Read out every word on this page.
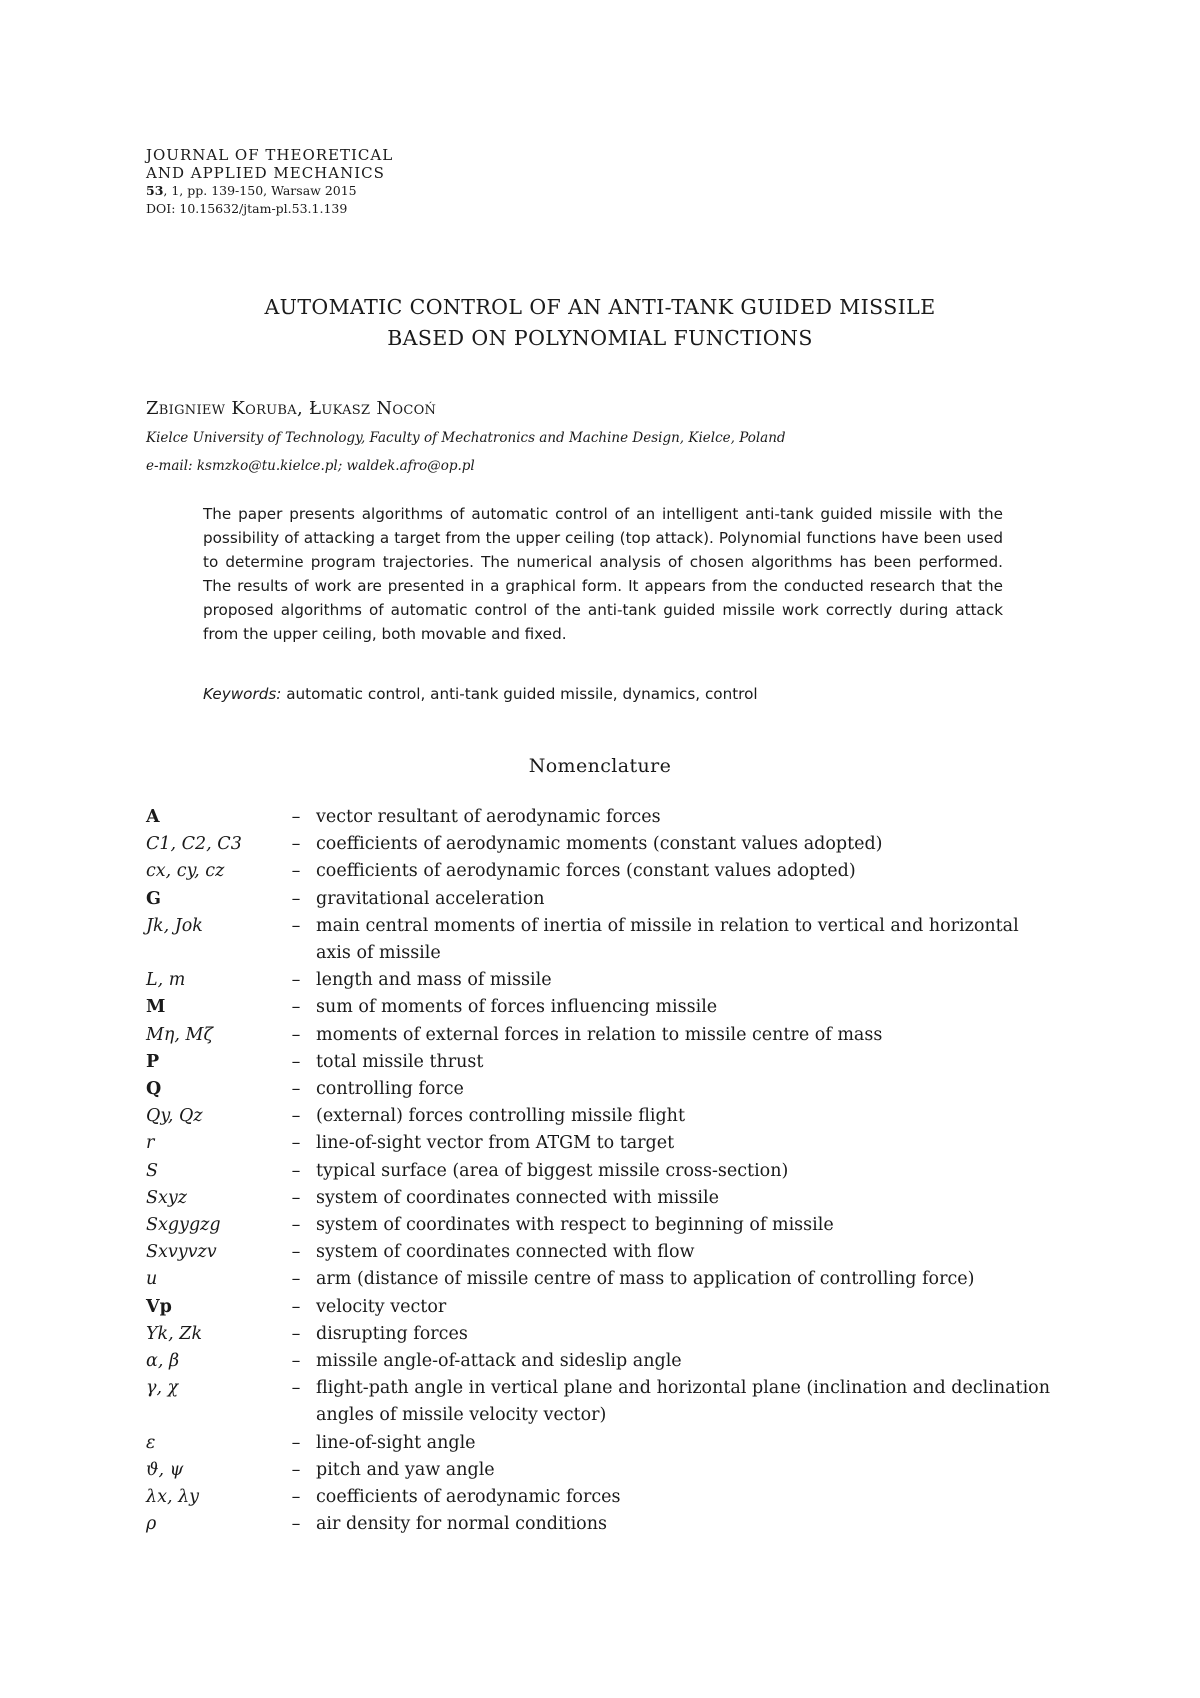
JOURNAL OF THEORETICAL
AND APPLIED MECHANICS
53, 1, pp. 139-150, Warsaw 2015
DOI: 10.15632/jtam-pl.53.1.139
AUTOMATIC CONTROL OF AN ANTI-TANK GUIDED MISSILE
BASED ON POLYNOMIAL FUNCTIONS
Zbigniew Koruba, Łukasz Nocoń
Kielce University of Technology, Faculty of Mechatronics and Machine Design, Kielce, Poland
e-mail: ksmzko@tu.kielce.pl; waldek.afro@op.pl
The paper presents algorithms of automatic control of an intelligent anti-tank guided missile with the possibility of attacking a target from the upper ceiling (top attack). Polynomial functions have been used to determine program trajectories. The numerical analysis of chosen algorithms has been performed. The results of work are presented in a graphical form. It appears from the conducted research that the proposed algorithms of automatic control of the anti-tank guided missile work correctly during attack from the upper ceiling, both movable and fixed.
Keywords: automatic control, anti-tank guided missile, dynamics, control
Nomenclature
A	– vector resultant of aerodynamic forces
C1, C2, C3	– coefficients of aerodynamic moments (constant values adopted)
cx, cy, cz	– coefficients of aerodynamic forces (constant values adopted)
G	– gravitational acceleration
Jk, Jok	– main central moments of inertia of missile in relation to vertical and horizontal axis of missile
L, m	– length and mass of missile
M	– sum of moments of forces influencing missile
Mη, Mζ	– moments of external forces in relation to missile centre of mass
P	– total missile thrust
Q	– controlling force
Qy, Qz	– (external) forces controlling missile flight
r	– line-of-sight vector from ATGM to target
S	– typical surface (area of biggest missile cross-section)
Sxyz	– system of coordinates connected with missile
Sxgygzg	– system of coordinates with respect to beginning of missile
Sxvyvzv	– system of coordinates connected with flow
u	– arm (distance of missile centre of mass to application of controlling force)
Vp	– velocity vector
Yk, Zk	– disrupting forces
α, β	– missile angle-of-attack and sideslip angle
γ, χ	– flight-path angle in vertical plane and horizontal plane (inclination and declination angles of missile velocity vector)
ε	– line-of-sight angle
ϑ, ψ	– pitch and yaw angle
λx, λy	– coefficients of aerodynamic forces
ρ	– air density for normal conditions
